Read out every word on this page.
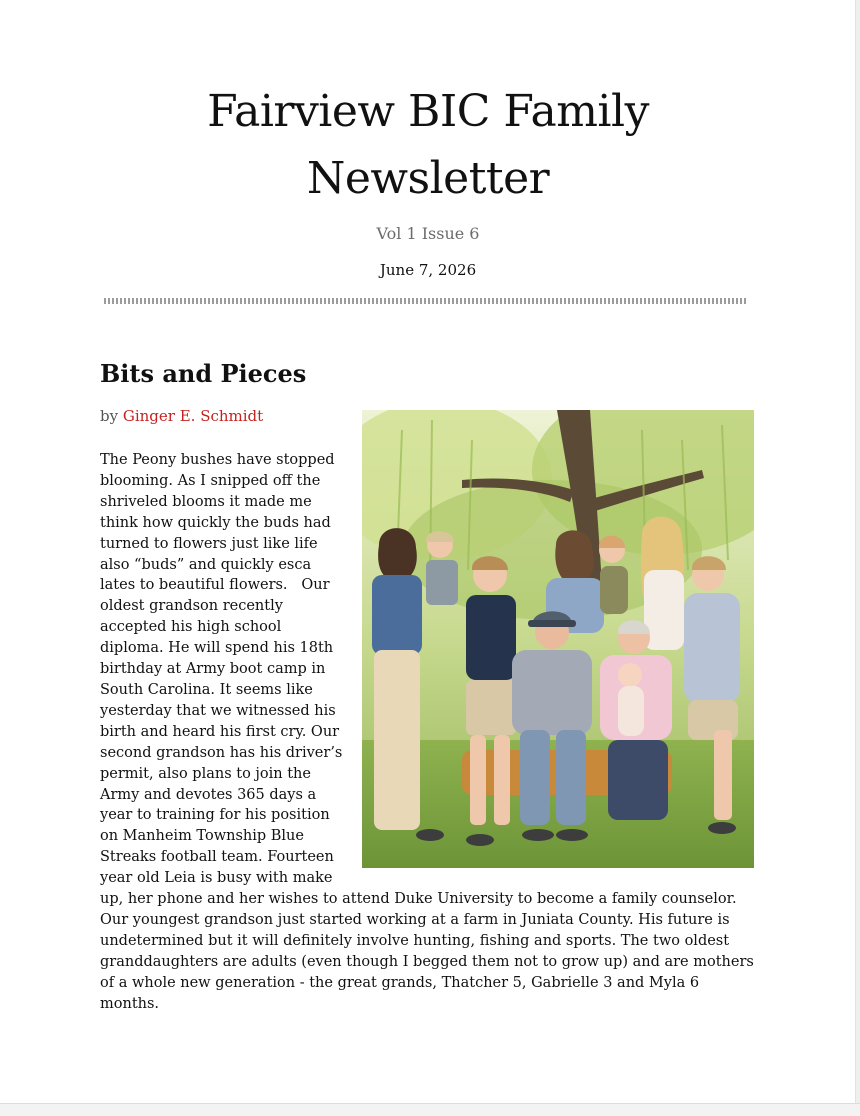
Fairview BIC Family Newsletter
Vol 1 Issue 6
June 7, 2026
Bits and Pieces

by Ginger E. Schmidt

The Peony bushes have stopped blooming. As I snipped off the shriveled blooms it made me think how quickly the buds had turned to flowers just like life also “buds” and quickly esca lates to beautiful flowers.   Our oldest grandson recently accepted his high school diploma. He will spend his 18th birthday at Army boot camp in South Carolina. It seems like yesterday that we witnessed his birth and heard his first cry. Our second grandson has his driver’s permit, also plans to join the Army and devotes 365 days a year to training for his position on Manheim Township Blue Streaks football team. Fourteen year old Leia is busy with make up, her phone and her wishes to attend Duke University to become a family counselor. Our youngest grandson just started working at a farm in Juniata County. His future is undetermined but it will definitely involve hunting, fishing and sports. The two oldest granddaughters are adults (even though I begged them not to grow up) and are mothers of a whole new generation - the great grands, Thatcher 5, Gabrielle 3 and Myla 6 months.
